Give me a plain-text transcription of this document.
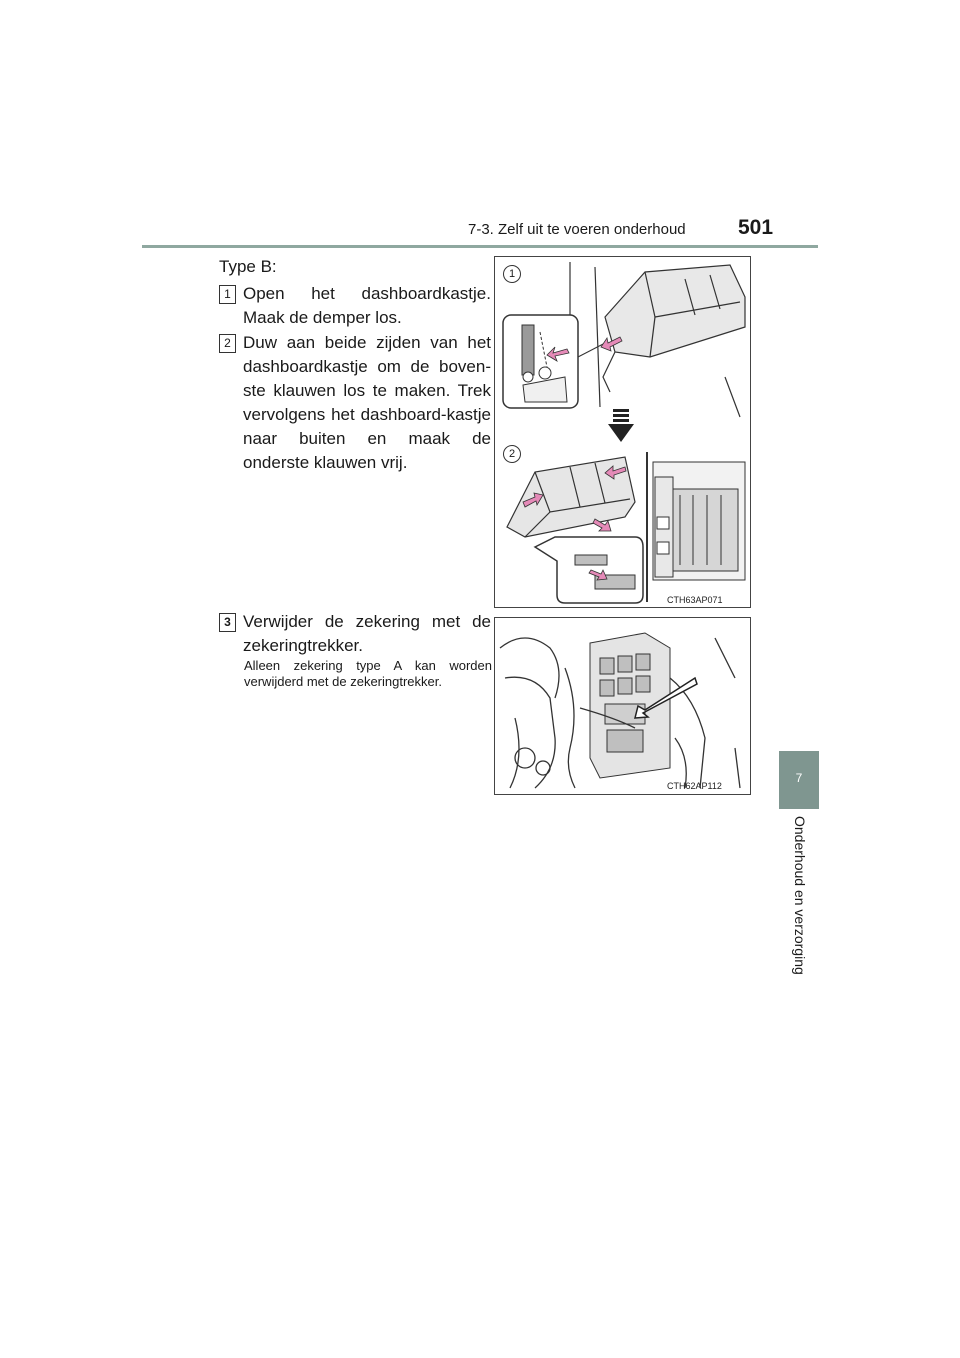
7-3. Zelf uit te voeren onderhoud 501
7
Onderhoud en verzorging
Type B:
1 Open het dashboardkastje. Maak de demper los.
2 Duw aan beide zijden van het dashboardkastje om de boven-ste klauwen los te maken. Trek vervolgens het dashboard-kastje naar buiten en maak de onderste klauwen vrij.
3 Verwijder de zekering met de zekeringtrekker.
Alleen zekering type A kan worden verwijderd met de zekeringtrekker.
1
2
CTH63AP071
CTH62AP112
